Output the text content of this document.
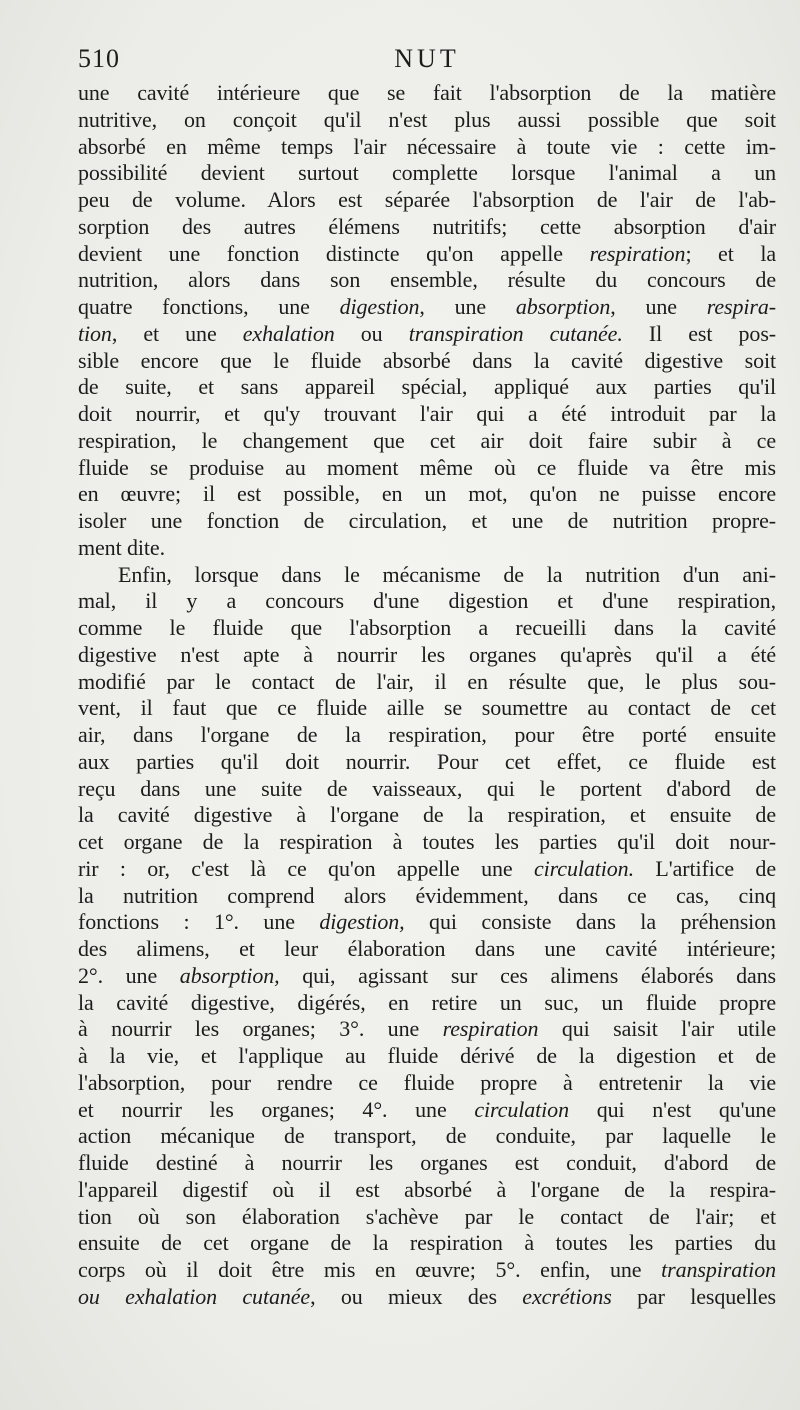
510	NUT
une cavité intérieure que se fait l'absorption de la matière
nutritive, on conçoit qu'il n'est plus aussi possible que soit
absorbé en même temps l'air nécessaire à toute vie : cette im-
possibilité devient surtout complette lorsque l'animal a un
peu de volume. Alors est séparée l'absorption de l'air de l'ab-
sorption des autres élémens nutritifs; cette absorption d'air
devient une fonction distincte qu'on appelle respiration; et la
nutrition, alors dans son ensemble, résulte du concours de
quatre fonctions, une digestion, une absorption, une respira-
tion, et une exhalation ou transpiration cutanée. Il est pos-
sible encore que le fluide absorbé dans la cavité digestive soit
de suite, et sans appareil spécial, appliqué aux parties qu'il
doit nourrir, et qu'y trouvant l'air qui a été introduit par la
respiration, le changement que cet air doit faire subir à ce
fluide se produise au moment même où ce fluide va être mis
en œuvre; il est possible, en un mot, qu'on ne puisse encore
isoler une fonction de circulation, et une de nutrition propre-
ment dite.
Enfin, lorsque dans le mécanisme de la nutrition d'un ani-
mal, il y a concours d'une digestion et d'une respiration,
comme le fluide que l'absorption a recueilli dans la cavité
digestive n'est apte à nourrir les organes qu'après qu'il a été
modifié par le contact de l'air, il en résulte que, le plus sou-
vent, il faut que ce fluide aille se soumettre au contact de cet
air, dans l'organe de la respiration, pour être porté ensuite
aux parties qu'il doit nourrir. Pour cet effet, ce fluide est
reçu dans une suite de vaisseaux, qui le portent d'abord de
la cavité digestive à l'organe de la respiration, et ensuite de
cet organe de la respiration à toutes les parties qu'il doit nour-
rir : or, c'est là ce qu'on appelle une circulation. L'artifice de
la nutrition comprend alors évidemment, dans ce cas, cinq
fonctions : 1°. une digestion, qui consiste dans la préhension
des alimens, et leur élaboration dans une cavité intérieure;
2°. une absorption, qui, agissant sur ces alimens élaborés dans
la cavité digestive, digérés, en retire un suc, un fluide propre
à nourrir les organes; 3°. une respiration qui saisit l'air utile
à la vie, et l'applique au fluide dérivé de la digestion et de
l'absorption, pour rendre ce fluide propre à entretenir la vie
et nourrir les organes; 4°. une circulation qui n'est qu'une
action mécanique de transport, de conduite, par laquelle le
fluide destiné à nourrir les organes est conduit, d'abord de
l'appareil digestif où il est absorbé à l'organe de la respira-
tion où son élaboration s'achève par le contact de l'air; et
ensuite de cet organe de la respiration à toutes les parties du
corps où il doit être mis en œuvre; 5°. enfin, une transpiration
ou exhalation cutanée, ou mieux des excrétions par lesquelles
